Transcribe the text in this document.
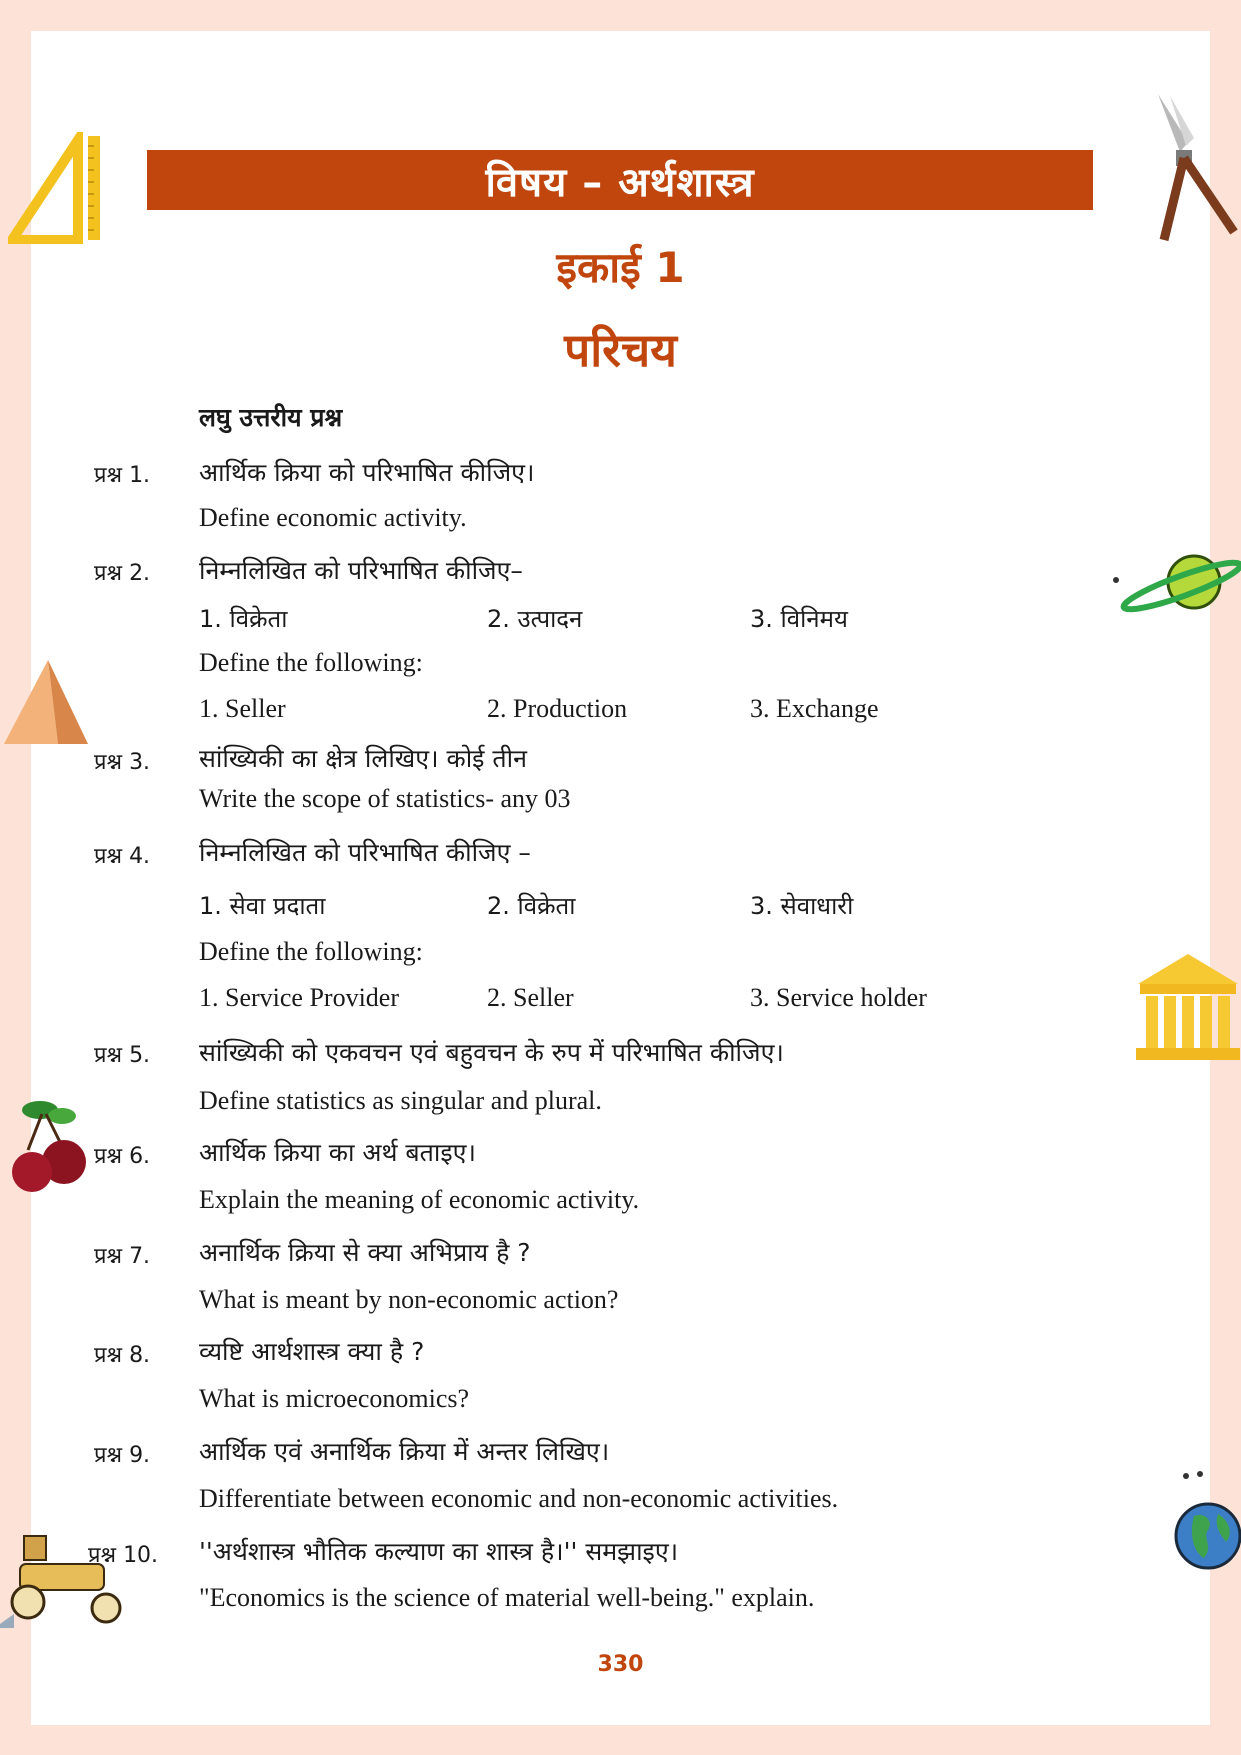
विषय – अर्थशास्त्र
इकाई 1
परिचय
लघु उत्तरीय प्रश्न
प्रश्न 1. आर्थिक क्रिया को परिभाषित कीजिए।
Define economic activity.
प्रश्न 2. निम्नलिखित को परिभाषित कीजिए–
1. विक्रेता	2. उत्पादन	3. विनिमय
Define the following:
1. Seller	2. Production	3. Exchange
प्रश्न 3. सांख्यिकी का क्षेत्र लिखिए। कोई तीन
Write the scope of statistics- any 03
प्रश्न 4. निम्नलिखित को परिभाषित कीजिए –
1. सेवा प्रदाता	2. विक्रेता	3. सेवाधारी
Define the following:
1. Service Provider	2. Seller	3. Service holder
प्रश्न 5. सांख्यिकी को एकवचन एवं बहुवचन के रुप में परिभाषित कीजिए।
Define statistics as singular and plural.
प्रश्न 6. आर्थिक क्रिया का अर्थ बताइए।
Explain the meaning of economic activity.
प्रश्न 7. अनार्थिक क्रिया से क्या अभिप्राय है ?
What is meant by non-economic action?
प्रश्न 8. व्यष्टि आर्थशास्त्र क्या है ?
What is microeconomics?
प्रश्न 9. आर्थिक एवं अनार्थिक क्रिया में अन्तर लिखिए।
Differentiate between economic and non-economic activities.
प्रश्न 10. ''अर्थशास्त्र भौतिक कल्याण का शास्त्र है।'' समझाइए।
"Economics is the science of material well-being." explain.
330
